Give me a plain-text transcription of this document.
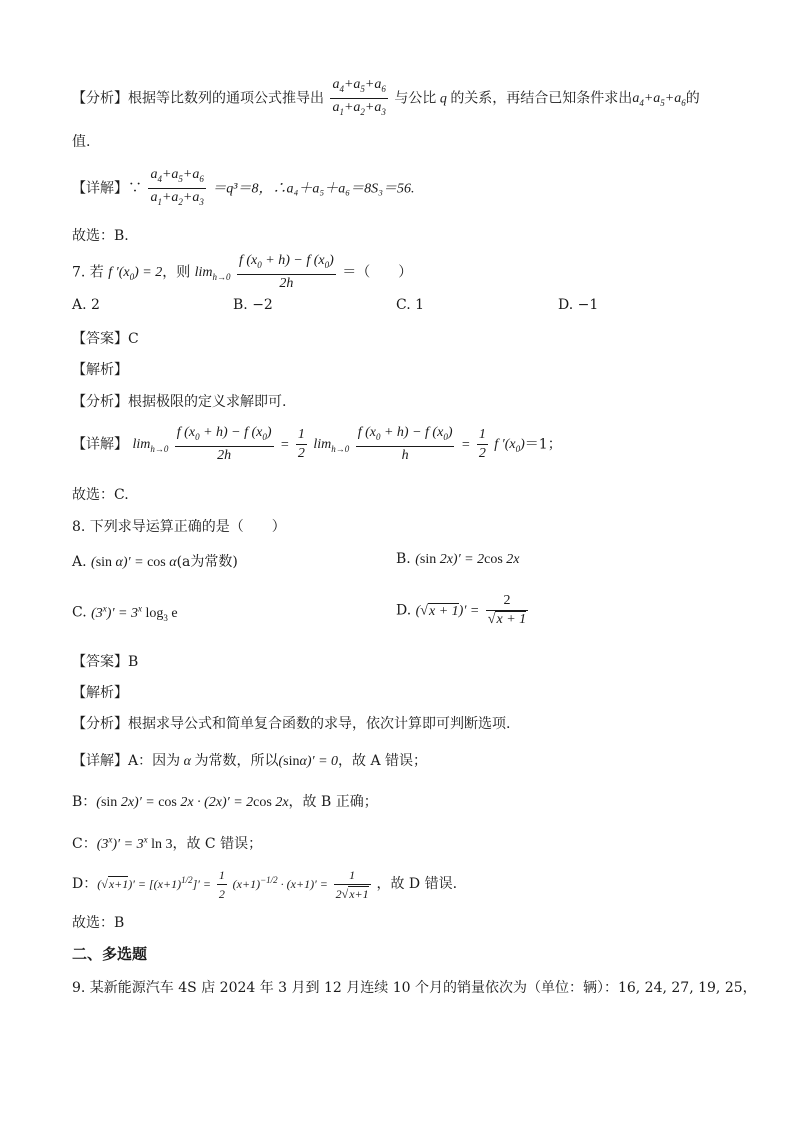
【分析】根据等比数列的通项公式推导出 $\frac{a_4+a_5+a_6}{a_1+a_2+a_3}$ 与公比 q 的关系，再结合已知条件求出$a_4+a_5+a_6$的
值.
【详解】∵ $\frac{a_4+a_5+a_6}{a_1+a_2+a_3} =q^3=8$，∴a₄＋a₅＋a₆＝8S₃＝56.
故选：B.
7. 若 f $'(x_0) = 2$，则 $\lim_{h\to 0} \frac{f (x_0 + h) - f (x_0)}{2h}$ ＝（　　）
A. 2	B. −2	C. 1	D. −1
【答案】C
【解析】
【分析】根据极限的定义求解即可.
【详解】 $\lim_{h\to 0} \frac{f (x_0 + h) - f (x_0)}{2h} = \frac{1}{2} \lim_{h\to 0} \frac{f (x_0 + h) - f (x_0)}{h} = \frac{1}{2}$ f $'(x_0)=1$；
故选：C.
8. 下列求导运算正确的是（　　）
A. (sin α)′ = cos α(a为常数)	B. (sin 2x)′ = 2cos 2x
C. $(3^x)' = 3^x$ $\log_3 e$	D. $(√x + 1)' = \frac{2}{√x + 1}$
【答案】B
【解析】
【分析】根据求导公式和简单复合函数的求导，依次计算即可判断选项.
【详解】A：因为 α 为常数，所以(sinα)′ = 0，故 A 错误；
B：(sin 2x)′ = cos 2x · (2x)′ = 2cos 2x，故 B 正确；
C：$(3^x)' = 3^x$ ln 3，故 C 错误；
D：$(√x+1)' = [(x+1)^{1/2}]' = \frac{1}{2} (x+1)^{-1/2} \cdot (x+1)' = \frac{1}{2√x+1}$ ，故 D 错误.
故选：B
二、多选题
9. 某新能源汽车 4S 店 2024 年 3 月到 12 月连续 10 个月的销量依次为（单位：辆）：16, 24, 27, 19, 25，
